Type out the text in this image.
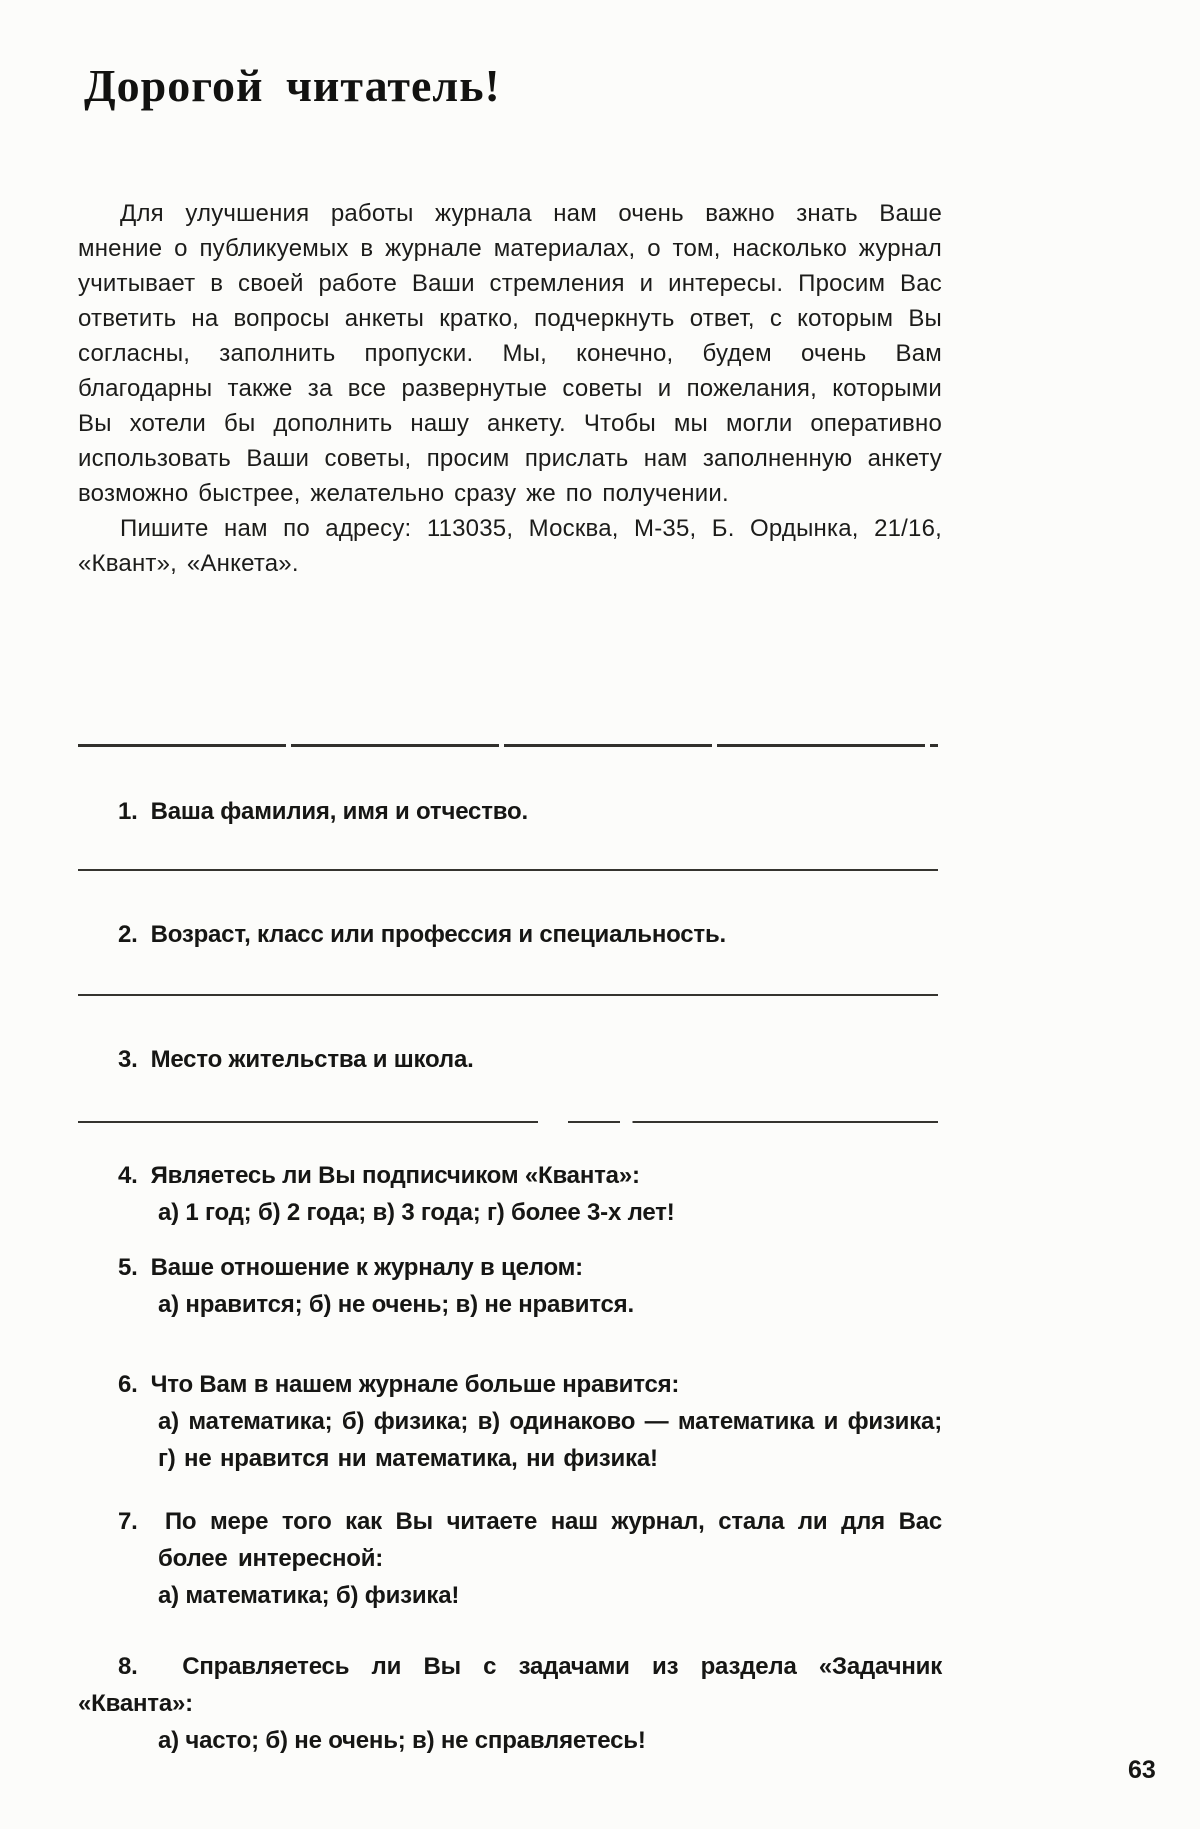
Дорогой читатель!

Для улучшения работы журнала нам очень важно знать Ваше мнение о публикуемых в журнале материалах, о том, насколько журнал учитывает в своей работе Ваши стремления и интересы. Просим Вас ответить на вопросы анкеты кратко, подчеркнуть ответ, с которым Вы согласны, заполнить пропуски. Мы, конечно, будем очень Вам благодарны также за все развернутые советы и пожелания, которыми Вы хотели бы дополнить нашу анкету. Чтобы мы могли оперативно использовать Ваши советы, просим прислать нам заполненную анкету возможно быстрее, желательно сразу же по получении.

Пишите нам по адресу: 113035, Москва, М-35, Б. Ордынка, 21/16, «Квант», «Анкета».

1. Ваша фамилия, имя и отчество.
2. Возраст, класс или профессия и специальность.
3. Место жительства и школа.
4. Являетесь ли Вы подписчиком «Кванта»:
а) 1 год; б) 2 года; в) 3 года; г) более 3-х лет!
5. Ваше отношение к журналу в целом:
а) нравится; б) не очень; в) не нравится.
6. Что Вам в нашем журнале больше нравится:
а) математика; б) физика; в) одинаково — математика и физика; г) не нравится ни математика, ни физика!
7. По мере того как Вы читаете наш журнал, стала ли для Вас более интересной:
а) математика; б) физика!
8. Справляетесь ли Вы с задачами из раздела «Задачник «Кванта»:
а) часто; б) не очень; в) не справляетесь!
63
